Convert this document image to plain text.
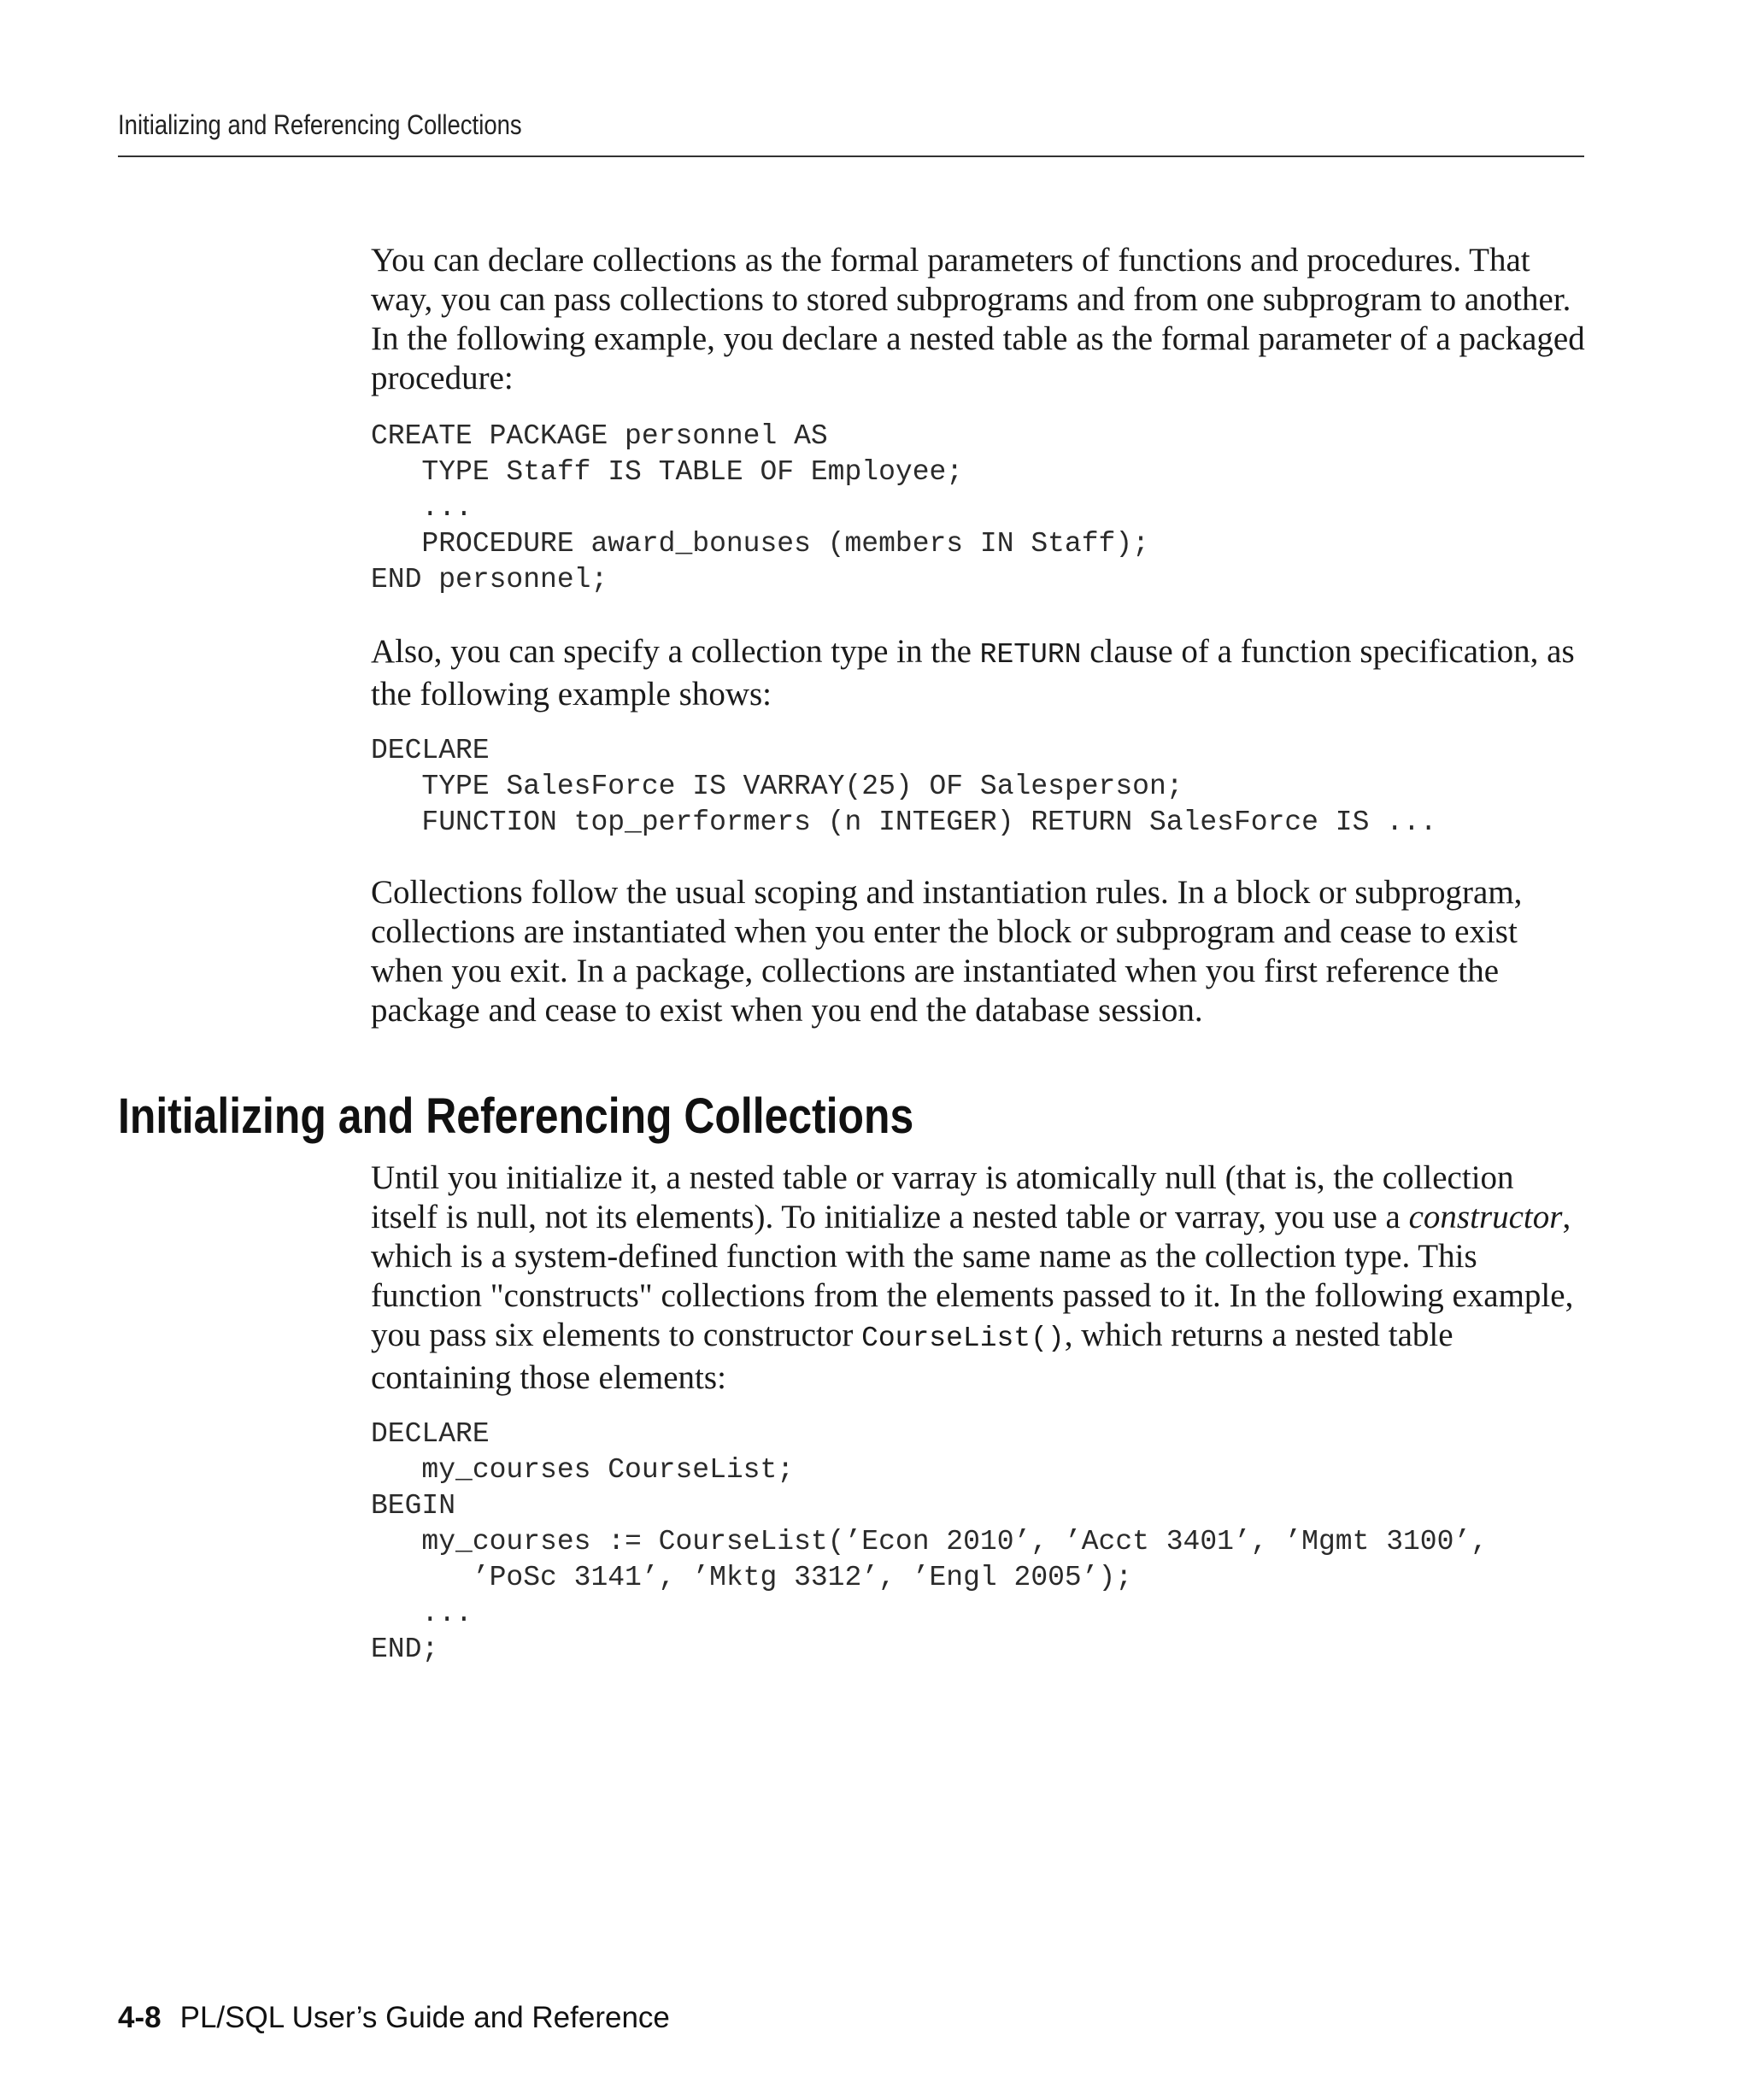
Initializing and Referencing Collections

You can declare collections as the formal parameters of functions and procedures. That way, you can pass collections to stored subprograms and from one subprogram to another. In the following example, you declare a nested table as the formal parameter of a packaged procedure:

CREATE PACKAGE personnel AS
TYPE Staff IS TABLE OF Employee;
...
PROCEDURE award_bonuses (members IN Staff);
END personnel;

Also, you can specify a collection type in the RETURN clause of a function specification, as the following example shows:

DECLARE
TYPE SalesForce IS VARRAY(25) OF Salesperson;
FUNCTION top_performers (n INTEGER) RETURN SalesForce IS ...

Collections follow the usual scoping and instantiation rules. In a block or subprogram, collections are instantiated when you enter the block or subprogram and cease to exist when you exit. In a package, collections are instantiated when you first reference the package and cease to exist when you end the database session.

Initializing and Referencing Collections

Until you initialize it, a nested table or varray is atomically null (that is, the collection itself is null, not its elements). To initialize a nested table or varray, you use a constructor, which is a system-defined function with the same name as the collection type. This function "constructs" collections from the elements passed to it. In the following example, you pass six elements to constructor CourseList(), which returns a nested table containing those elements:

DECLARE
my_courses CourseList;
BEGIN
my_courses := CourseList(’Econ 2010’, ’Acct 3401’, ’Mgmt 3100’,
’PoSc 3141’, ’Mktg 3312’, ’Engl 2005’);
...
END;
4-8 PL/SQL User’s Guide and Reference
